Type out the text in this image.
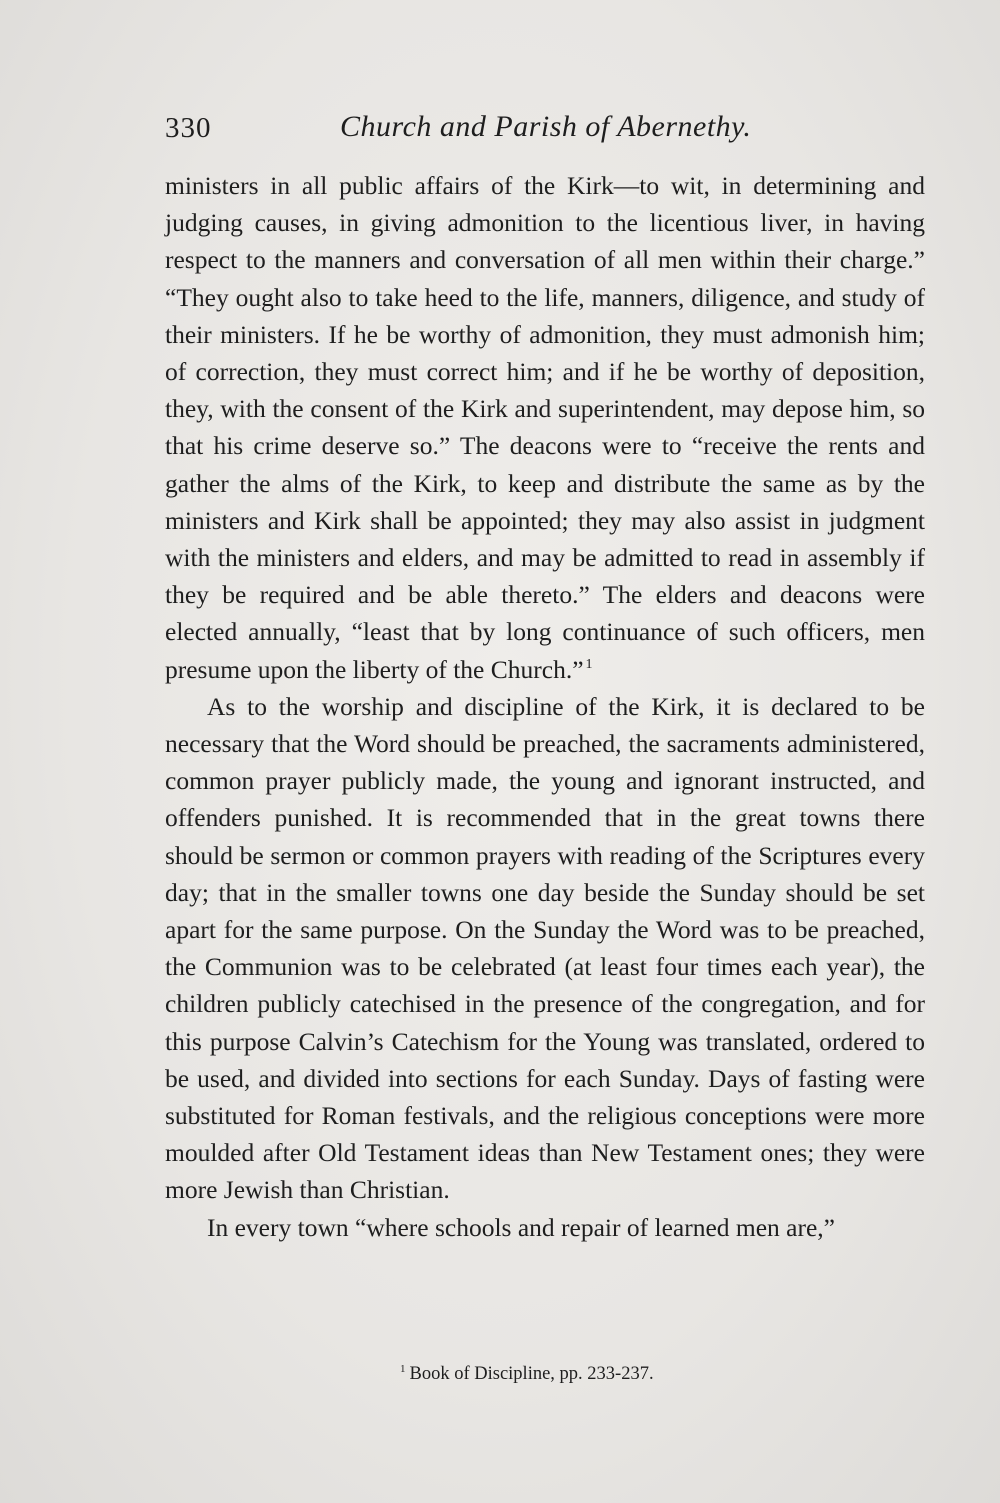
330	Church and Parish of Abernethy.

ministers in all public affairs of the Kirk—to wit, in determining and judging causes, in giving admonition to the licentious liver, in having respect to the manners and conversation of all men within their charge.” “They ought also to take heed to the life, manners, diligence, and study of their ministers. If he be worthy of admonition, they must admonish him; of correction, they must correct him; and if he be worthy of deposition, they, with the consent of the Kirk and superintendent, may depose him, so that his crime deserve so.” The deacons were to “receive the rents and gather the alms of the Kirk, to keep and distribute the same as by the ministers and Kirk shall be appointed; they may also assist in judgment with the ministers and elders, and may be admitted to read in assembly if they be required and be able thereto.” The elders and deacons were elected annually, “least that by long continuance of such officers, men presume upon the liberty of the Church.” $^1$

As to the worship and discipline of the Kirk, it is declared to be necessary that the Word should be preached, the sacraments administered, common prayer publicly made, the young and ignorant instructed, and offenders punished. It is recommended that in the great towns there should be sermon or common prayers with reading of the Scriptures every day; that in the smaller towns one day beside the Sunday should be set apart for the same purpose. On the Sunday the Word was to be preached, the Communion was to be celebrated (at least four times each year), the children publicly catechised in the presence of the congregation, and for this purpose Calvin’s Catechism for the Young was translated, ordered to be used, and divided into sections for each Sunday. Days of fasting were substituted for Roman festivals, and the religious conceptions were more moulded after Old Testament ideas than New Testament ones; they were more Jewish than Christian.

In every town “where schools and repair of learned men are,”

$^1$ Book of Discipline, pp. 233-237.
